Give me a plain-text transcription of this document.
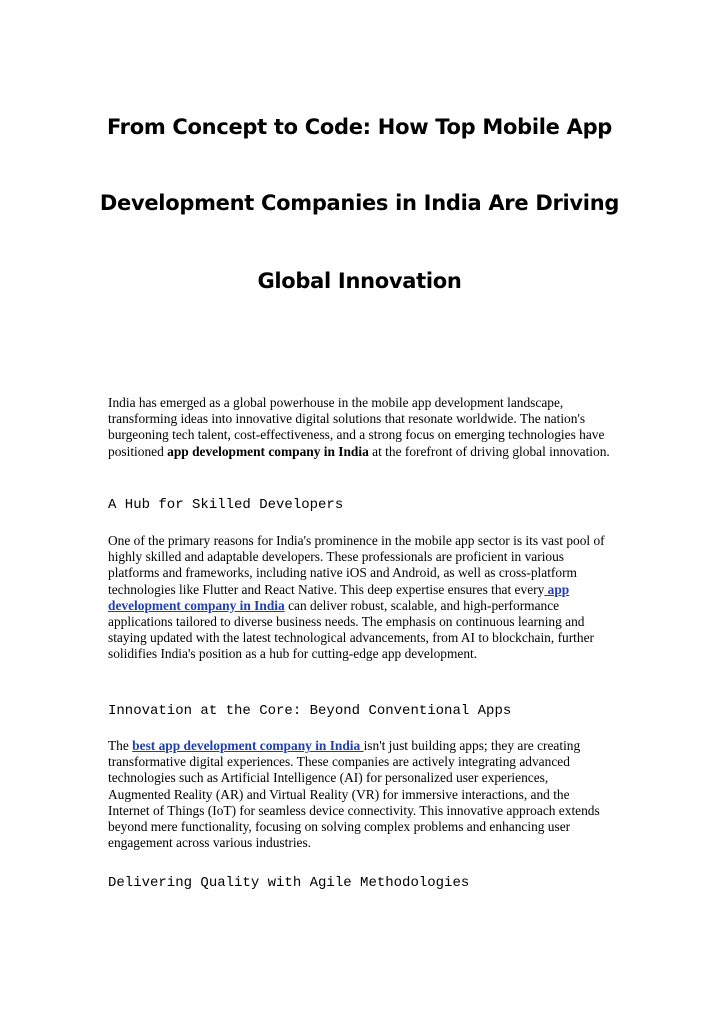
From Concept to Code: How Top Mobile App
Development Companies in India Are Driving
Global Innovation

India has emerged as a global powerhouse in the mobile app development landscape, transforming ideas into innovative digital solutions that resonate worldwide. The nation's burgeoning tech talent, cost-effectiveness, and a strong focus on emerging technologies have positioned app development company in India at the forefront of driving global innovation.

A Hub for Skilled Developers

One of the primary reasons for India's prominence in the mobile app sector is its vast pool of highly skilled and adaptable developers. These professionals are proficient in various platforms and frameworks, including native iOS and Android, as well as cross-platform technologies like Flutter and React Native. This deep expertise ensures that every app development company in India can deliver robust, scalable, and high-performance applications tailored to diverse business needs. The emphasis on continuous learning and staying updated with the latest technological advancements, from AI to blockchain, further solidifies India's position as a hub for cutting-edge app development.

Innovation at the Core: Beyond Conventional Apps

The best app development company in India isn't just building apps; they are creating transformative digital experiences. These companies are actively integrating advanced technologies such as Artificial Intelligence (AI) for personalized user experiences, Augmented Reality (AR) and Virtual Reality (VR) for immersive interactions, and the Internet of Things (IoT) for seamless device connectivity. This innovative approach extends beyond mere functionality, focusing on solving complex problems and enhancing user engagement across various industries.

Delivering Quality with Agile Methodologies
